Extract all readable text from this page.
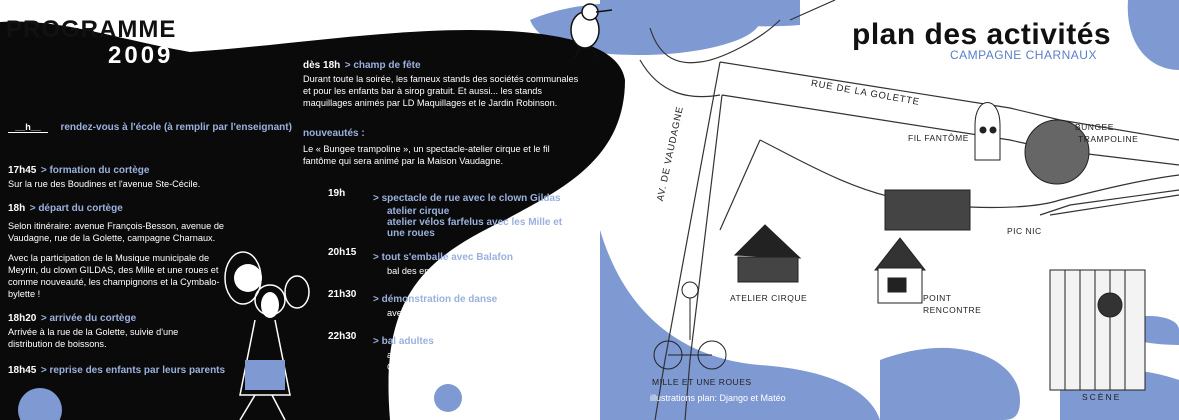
PROGRAMME
2009
__h__ rendez-vous à l'école (à remplir par l'enseignant)
17h45 > formation du cortège
Sur la rue des Boudines et l'avenue Ste-Cécile.
18h > départ du cortège
Selon itinéraire: avenue François-Besson, avenue de
Vaudagne, rue de la Golette, campagne Charnaux.
Avec la participation de la Musique municipale de
Meyrin, du clown GILDAS, des Mille et une roues et
comme nouveauté, les champignons et la Cymbalo-
bylette !
18h20 > arrivée du cortège
Arrivée à la rue de la Golette, suivie d'une
distribution de boissons.
18h45 > reprise des enfants par leurs parents
dès 18h > champ de fête
Durant toute la soirée, les fameux stands des sociétés communales
et pour les enfants bar à sirop gratuit. Et aussi... les stands
maquillages animés par LD Maquillages et le Jardin Robinson.
nouveautés :
Le « Bungee trampoline », un spectacle-atelier cirque et le fil
fantôme qui sera animé par la Maison Vaudagne.
19h	> spectacle de rue avec le clown Gildas
atelier cirque
atelier vélos farfelus avec les Mille et
une roues
20h15	> tout s'emballe avec Balafon
bal des enfants
21h30	> démonstration de danse
avec le groupe « independance crew »
22h30	> bal adultes
avec le groupe « TINK'S »
Covers band Ike et Tina Turner
plan des activités
CAMPAGNE CHARNAUX
RUE DE LA GOLETTE
AV. DE VAUDAGNE	FIL FANTÔME
BUNGEE
TRAMPOLINE
PIC NIC
ATELIER CIRQUE	POINT
RENCONTRE
MILLE ET UNE ROUES
SCÈNE
illustrations plan: Django et Matéo
